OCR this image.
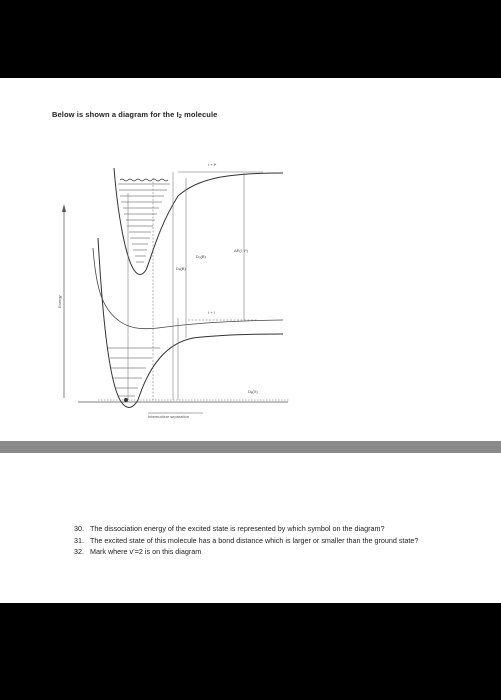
Below is shown a diagram for the I2 molecule
Energy
Internuclear separation
I + I*
I + I
D₀(B)
Dₑ(X)
Dₑ(B)
ΔE(I, I*)
30. The dissociation energy of the excited state is represented by which symbol on the diagram?
31. The excited state of this molecule has a bond distance which is larger or smaller than the ground state?
32. Mark where v’=2 is on this diagram
